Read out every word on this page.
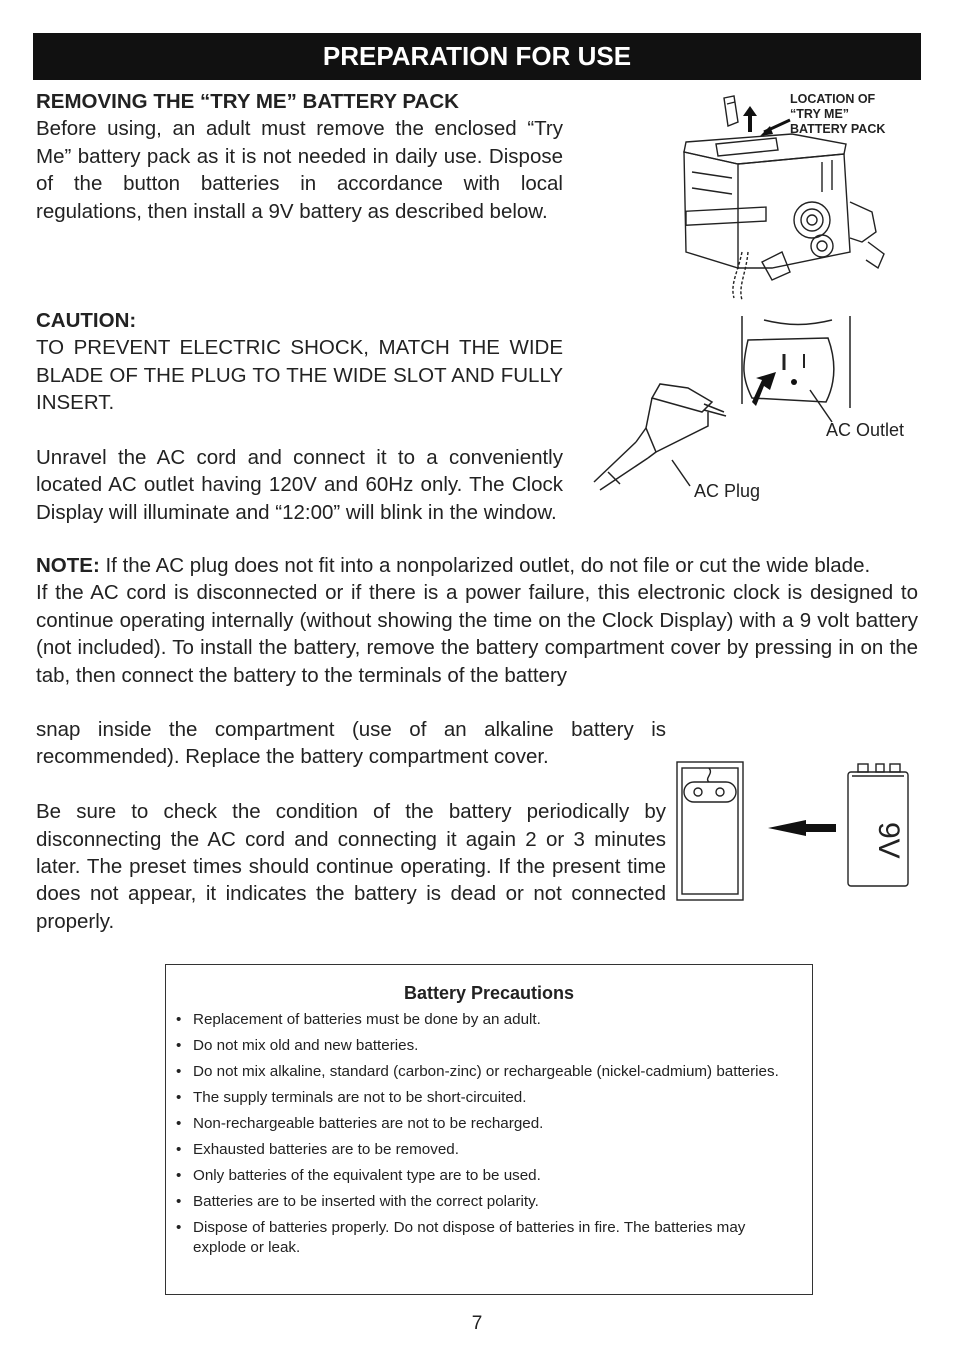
PREPARATION FOR USE

REMOVING THE “TRY ME” BATTERY PACK

Before using, an adult must remove the enclosed “Try Me” battery pack as it is not needed in daily use. Dispose of the button batteries in accordance with local regulations, then install a 9V battery as described below.

LOCATION OF
“TRY ME”
BATTERY PACK

CAUTION:

TO PREVENT ELECTRIC SHOCK, MATCH THE WIDE BLADE OF THE PLUG TO THE WIDE SLOT AND FULLY INSERT.

Unravel the AC cord and connect it to a conveniently located AC outlet having 120V and 60Hz only. The Clock Display will illuminate and “12:00” will blink in the window.

AC Outlet
AC Plug

NOTE: If the AC plug does not fit into a nonpolarized outlet, do not file or cut the wide blade.

If the AC cord is disconnected or if there is a power failure, this electronic clock is designed to continue operating internally (without showing the time on the Clock Display) with a 9 volt battery (not included). To install the battery, remove the battery compartment cover by pressing in on the tab, then connect the battery to the terminals of the battery

snap inside the compartment (use of an alkaline battery is recommended). Replace the battery compartment cover.

Be sure to check the condition of the battery periodically by disconnecting the AC cord and connecting it again 2 or 3 minutes later. The preset times should continue operating. If the present time does not appear, it indicates the battery is dead or not connected properly.

9V
Battery Precautions
• Replacement of batteries must be done by an adult.
• Do not mix old and new batteries.
• Do not mix alkaline, standard (carbon-zinc) or rechargeable (nickel-cadmium) batteries.
• The supply terminals are not to be short-circuited.
• Non-rechargeable batteries are not to be recharged.
• Exhausted batteries are to be removed.
• Only batteries of the equivalent type are to be used.
• Batteries are to be inserted with the correct polarity.
• Dispose of batteries properly. Do not dispose of batteries in fire. The batteries may explode or leak.
7
